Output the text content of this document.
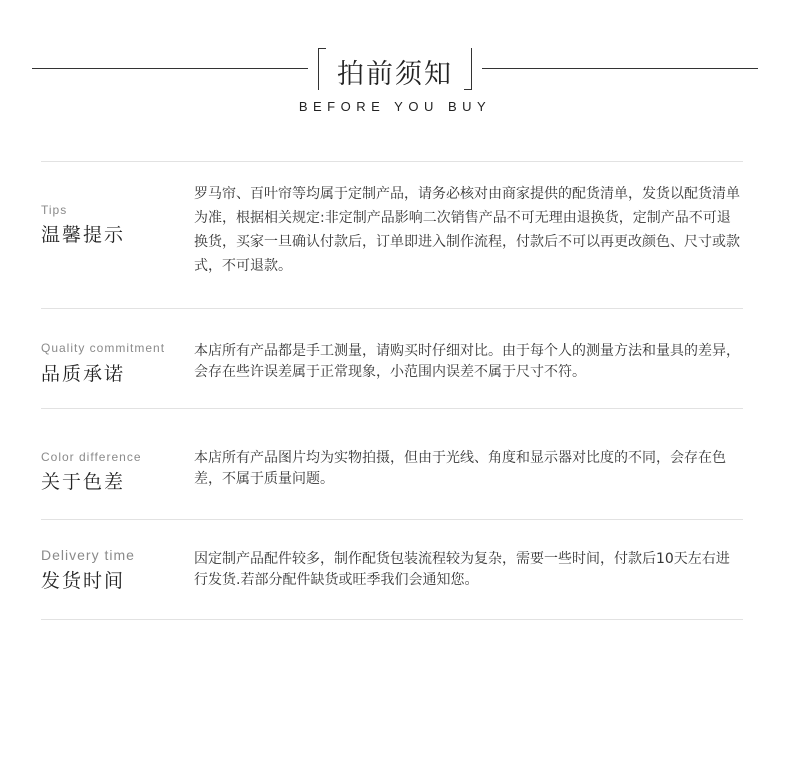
拍前须知
BEFORE YOU BUY
Tips
温馨提示
罗马帘、百叶帘等均属于定制产品，请务必核对由商家提供的配货清单，发货以配货清单为准，根据相关规定:非定制产品影响二次销售产品不可无理由退换货，定制产品不可退换货，买家一旦确认付款后，订单即进入制作流程，付款后不可以再更改颜色、尺寸或款式，不可退款。
Quality commitment
品质承诺
本店所有产品都是手工测量，请购买时仔细对比。由于每个人的测量方法和量具的差异，会存在些许误差属于正常现象，小范围内误差不属于尺寸不符。
Color difference
关于色差
本店所有产品图片均为实物拍摄，但由于光线、角度和显示器对比度的不同，会存在色差，不属于质量问题。
Delivery time
发货时间
因定制产品配件较多，制作配货包装流程较为复杂，需要一些时间，付款后10天左右进行发货.若部分配件缺货或旺季我们会通知您。
